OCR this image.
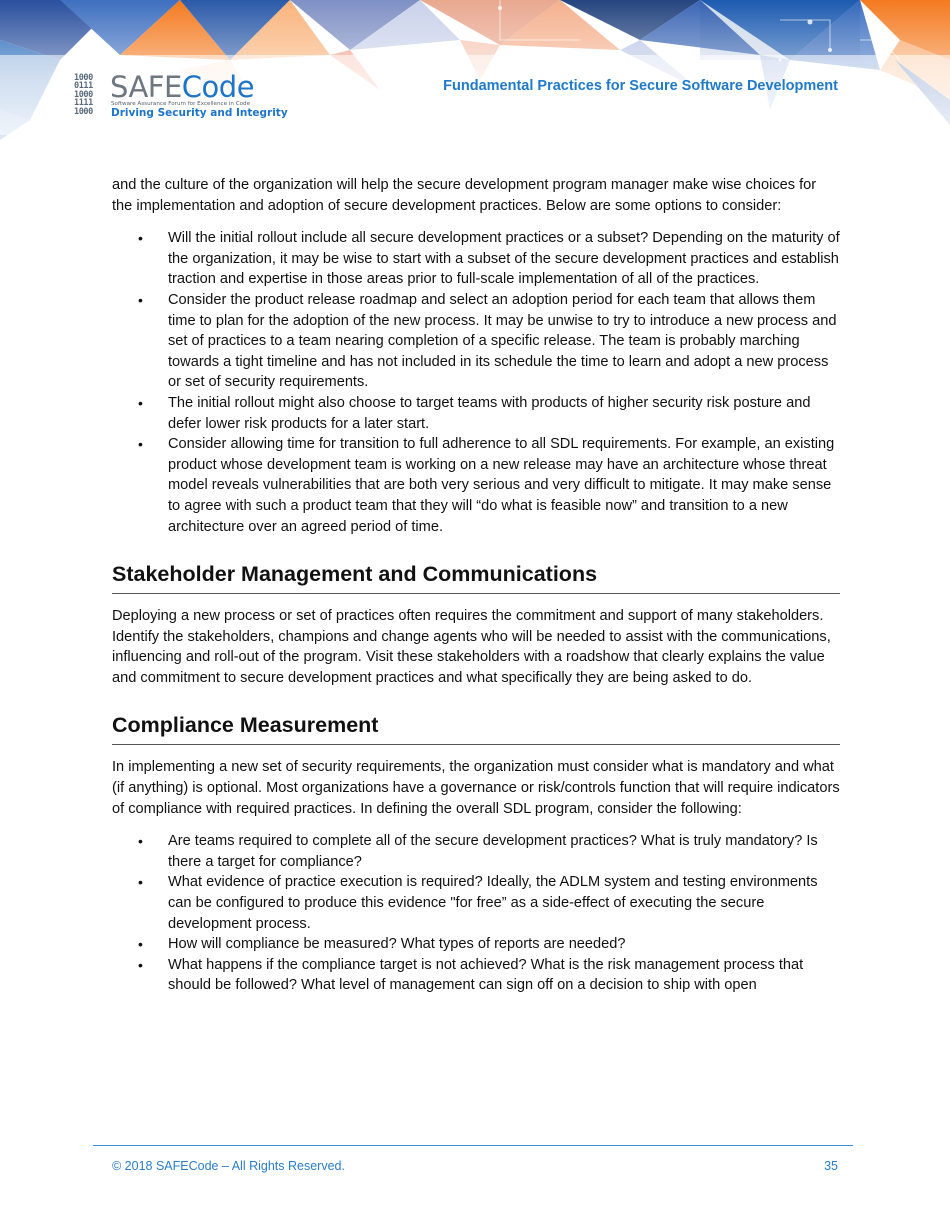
1000
0111
1000
1111
1000
SAFECode
Software Assurance Forum for Excellence in Code
Driving Security and Integrity
Fundamental Practices for Secure Software Development

and the culture of the organization will help the secure development program manager make wise choices for the implementation and adoption of secure development practices. Below are some options to consider:

• Will the initial rollout include all secure development practices or a subset? Depending on the maturity of the organization, it may be wise to start with a subset of the secure development practices and establish traction and expertise in those areas prior to full-scale implementation of all of the practices.
• Consider the product release roadmap and select an adoption period for each team that allows them time to plan for the adoption of the new process. It may be unwise to try to introduce a new process and set of practices to a team nearing completion of a specific release. The team is probably marching towards a tight timeline and has not included in its schedule the time to learn and adopt a new process or set of security requirements.
• The initial rollout might also choose to target teams with products of higher security risk posture and defer lower risk products for a later start.
• Consider allowing time for transition to full adherence to all SDL requirements. For example, an existing product whose development team is working on a new release may have an architecture whose threat model reveals vulnerabilities that are both very serious and very difficult to mitigate. It may make sense to agree with such a product team that they will “do what is feasible now” and transition to a new architecture over an agreed period of time.
Stakeholder Management and Communications

Deploying a new process or set of practices often requires the commitment and support of many stakeholders. Identify the stakeholders, champions and change agents who will be needed to assist with the communications, influencing and roll-out of the program. Visit these stakeholders with a roadshow that clearly explains the value and commitment to secure development practices and what specifically they are being asked to do.

Compliance Measurement

In implementing a new set of security requirements, the organization must consider what is mandatory and what (if anything) is optional. Most organizations have a governance or risk/controls function that will require indicators of compliance with required practices. In defining the overall SDL program, consider the following:

• Are teams required to complete all of the secure development practices? What is truly mandatory? Is there a target for compliance?
• What evidence of practice execution is required? Ideally, the ADLM system and testing environments can be configured to produce this evidence "for free” as a side-effect of executing the secure development process.
• How will compliance be measured? What types of reports are needed?
• What happens if the compliance target is not achieved? What is the risk management process that should be followed? What level of management can sign off on a decision to ship with open
© 2018 SAFECode – All Rights Reserved.	35
